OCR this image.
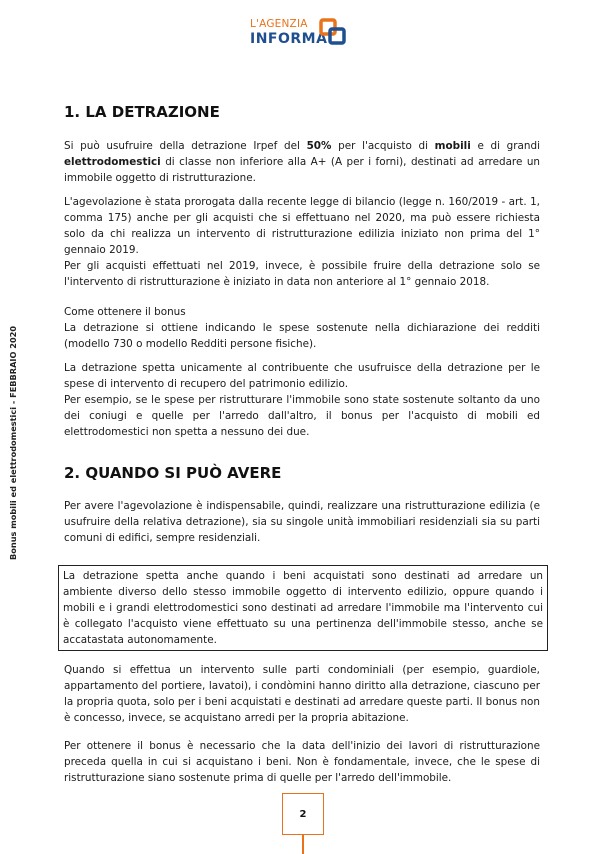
L'AGENZIA
INFORMA
Bonus mobili ed elettrodomestici - FEBBRAIO 2020
1. LA DETRAZIONE

Si può usufruire della detrazione Irpef del 50% per l'acquisto di mobili e di grandi elettrodomestici di classe non inferiore alla A+ (A per i forni), destinati ad arredare un immobile oggetto di ristrutturazione.

L'agevolazione è stata prorogata dalla recente legge di bilancio (legge n. 160/2019 - art. 1, comma 175) anche per gli acquisti che si effettuano nel 2020, ma può essere richiesta solo da chi realizza un intervento di ristrutturazione edilizia iniziato non prima del 1° gennaio 2019.

Per gli acquisti effettuati nel 2019, invece, è possibile fruire della detrazione solo se l'intervento di ristrutturazione è iniziato in data non anteriore al 1° gennaio 2018.

Come ottenere il bonus

La detrazione si ottiene indicando le spese sostenute nella dichiarazione dei redditi (modello 730 o modello Redditi persone fisiche).

La detrazione spetta unicamente al contribuente che usufruisce della detrazione per le spese di intervento di recupero del patrimonio edilizio.

Per esempio, se le spese per ristrutturare l'immobile sono state sostenute soltanto da uno dei coniugi e quelle per l'arredo dall'altro, il bonus per l'acquisto di mobili ed elettrodomestici non spetta a nessuno dei due.

2. QUANDO SI PUÒ AVERE

Per avere l'agevolazione è indispensabile, quindi, realizzare una ristrutturazione edilizia (e usufruire della relativa detrazione), sia su singole unità immobiliari residenziali sia su parti comuni di edifici, sempre residenziali.

La detrazione spetta anche quando i beni acquistati sono destinati ad arredare un ambiente diverso dello stesso immobile oggetto di intervento edilizio, oppure quando i mobili e i grandi elettrodomestici sono destinati ad arredare l'immobile ma l'intervento cui è collegato l'acquisto viene effettuato su una pertinenza dell'immobile stesso, anche se accatastata autonomamente.

Quando si effettua un intervento sulle parti condominiali (per esempio, guardiole, appartamento del portiere, lavatoi), i condòmini hanno diritto alla detrazione, ciascuno per la propria quota, solo per i beni acquistati e destinati ad arredare queste parti. Il bonus non è concesso, invece, se acquistano arredi per la propria abitazione.

Per ottenere il bonus è necessario che la data dell'inizio dei lavori di ristrutturazione preceda quella in cui si acquistano i beni. Non è fondamentale, invece, che le spese di ristrutturazione siano sostenute prima di quelle per l'arredo dell'immobile.

2
